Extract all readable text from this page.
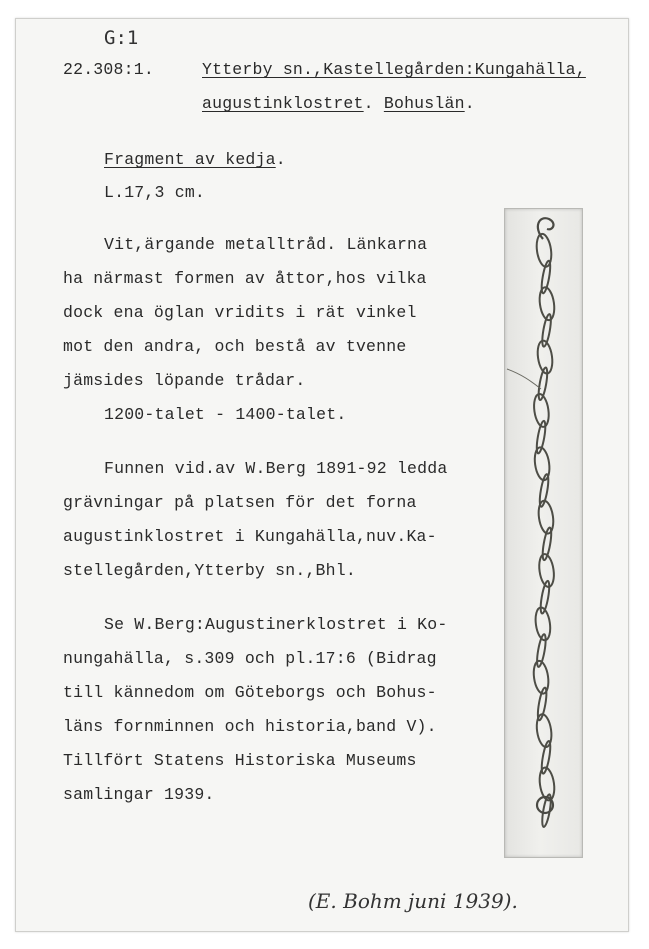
G:1
22.308:1.	Ytterby sn.,Kastellegården:Kungahälla,
augustinklostret. Bohuslän.
Fragment av kedja.
L.17,3 cm.
Vit,ärgande metalltråd. Länkarna
ha närmast formen av åttor,hos vilka
dock ena öglan vridits i rät vinkel
mot den andra, och bestå av tvenne
jämsides löpande trådar.
1200-talet - 1400-talet.
Funnen vid.av W.Berg 1891-92 ledda
grävningar på platsen för det forna
augustinklostret i Kungahälla,nuv.Ka-
stellegården,Ytterby sn.,Bhl.
Se W.Berg:Augustinerklostret i Ko-
nungahälla, s.309 och pl.17:6 (Bidrag
till kännedom om Göteborgs och Bohus-
läns fornminnen och historia,band V).
Tillfört Statens Historiska Museums
samlingar 1939.
(E. Bohm juni 1939).
